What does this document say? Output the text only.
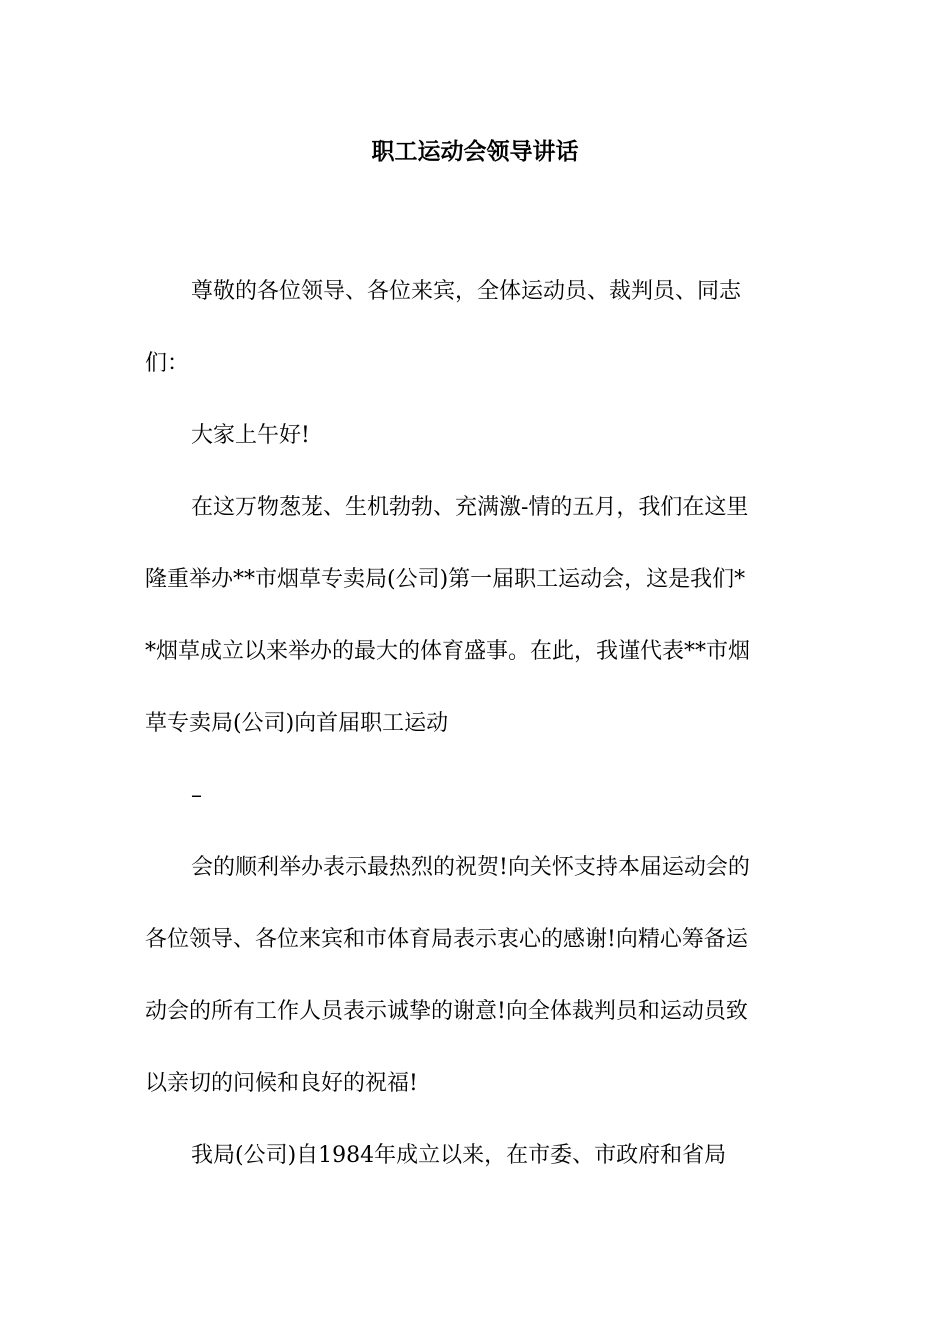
职工运动会领导讲话

尊敬的各位领导、各位来宾，全体运动员、裁判员、同志
们：

大家上午好!

在这万物葱茏、生机勃勃、充满激-情的五月，我们在这里
隆重举办**市烟草专卖局(公司)第一届职工运动会，这是我们*
*烟草成立以来举办的最大的体育盛事。在此，我谨代表**市烟
草专卖局(公司)向首届职工运动

–

会的顺利举办表示最热烈的祝贺!向关怀支持本届运动会的
各位领导、各位来宾和市体育局表示衷心的感谢!向精心筹备运
动会的所有工作人员表示诚挚的谢意!向全体裁判员和运动员致
以亲切的问候和良好的祝福!

我局(公司)自1984年成立以来，在市委、市政府和省局
